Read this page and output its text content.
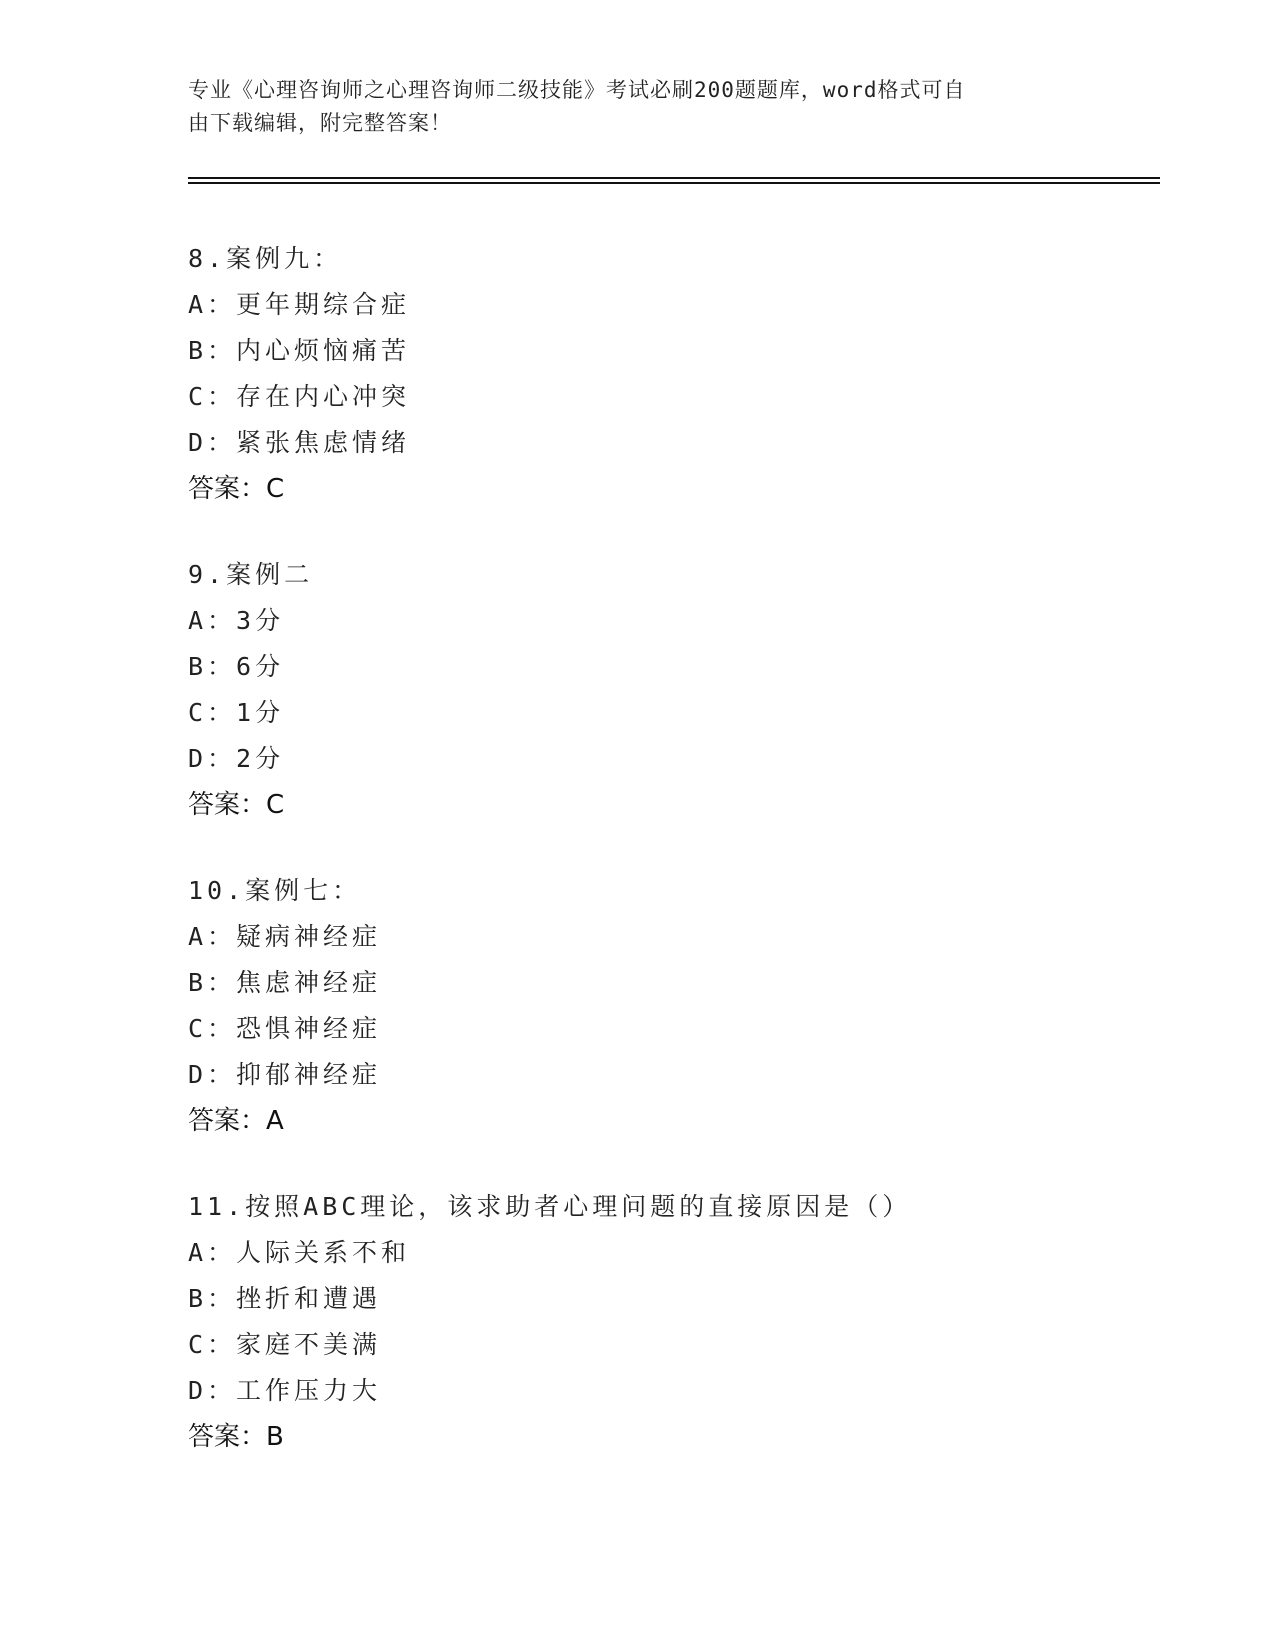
专业《心理咨询师之心理咨询师二级技能》考试必刷200题题库，word格式可自
由下载编辑，附完整答案！
8.案例九：
A：更年期综合症
B：内心烦恼痛苦
C：存在内心冲突
D：紧张焦虑情绪
答案：C
9.案例二
A：3分
B：6分
C：1分
D：2分
答案：C
10.案例七：
A：疑病神经症
B：焦虑神经症
C：恐惧神经症
D：抑郁神经症
答案：A
11.按照ABC理论，该求助者心理问题的直接原因是（）
A：人际关系不和
B：挫折和遭遇
C：家庭不美满
D：工作压力大
答案：B
